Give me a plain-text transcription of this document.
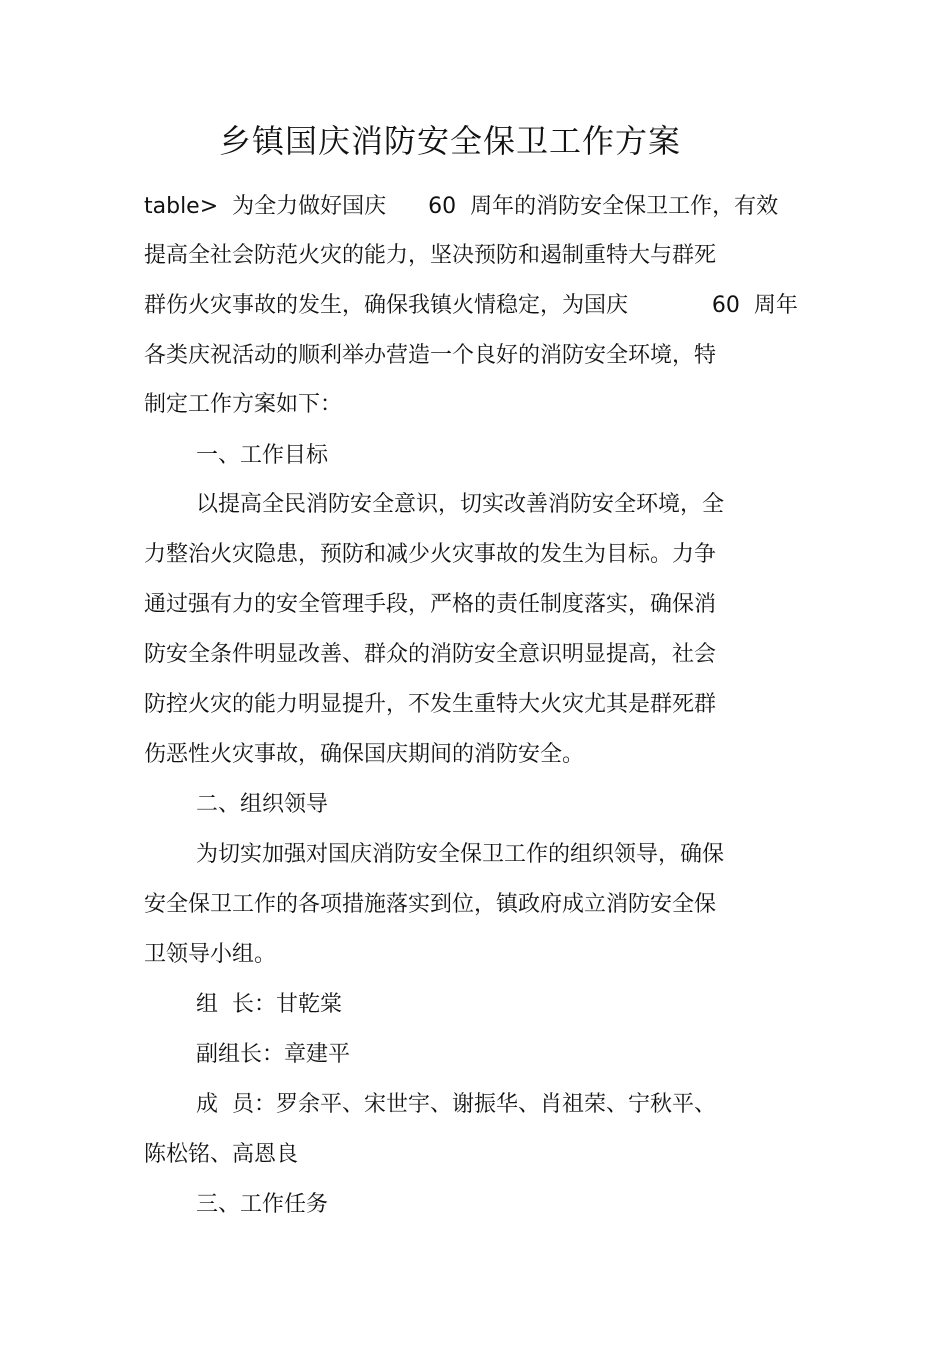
乡镇国庆消防安全保卫工作方案
table>  为全力做好国庆      60  周年的消防安全保卫工作，有效
提高全社会防范火灾的能力，坚决预防和遏制重特大与群死
群伤火灾事故的发生，确保我镇火情稳定，为国庆            60  周年
各类庆祝活动的顺利举办营造一个良好的消防安全环境，特
制定工作方案如下：
一、工作目标
以提高全民消防安全意识，切实改善消防安全环境，全
力整治火灾隐患，预防和减少火灾事故的发生为目标。力争
通过强有力的安全管理手段，严格的责任制度落实，确保消
防安全条件明显改善、群众的消防安全意识明显提高，社会
防控火灾的能力明显提升，不发生重特大火灾尤其是群死群
伤恶性火灾事故，确保国庆期间的消防安全。
二、组织领导
为切实加强对国庆消防安全保卫工作的组织领导，确保
安全保卫工作的各项措施落实到位，镇政府成立消防安全保
卫领导小组。
组  长：甘乾棠
副组长：章建平
成  员：罗余平、宋世宇、谢振华、肖祖荣、宁秋平、
陈松铭、高恩良
三、工作任务
